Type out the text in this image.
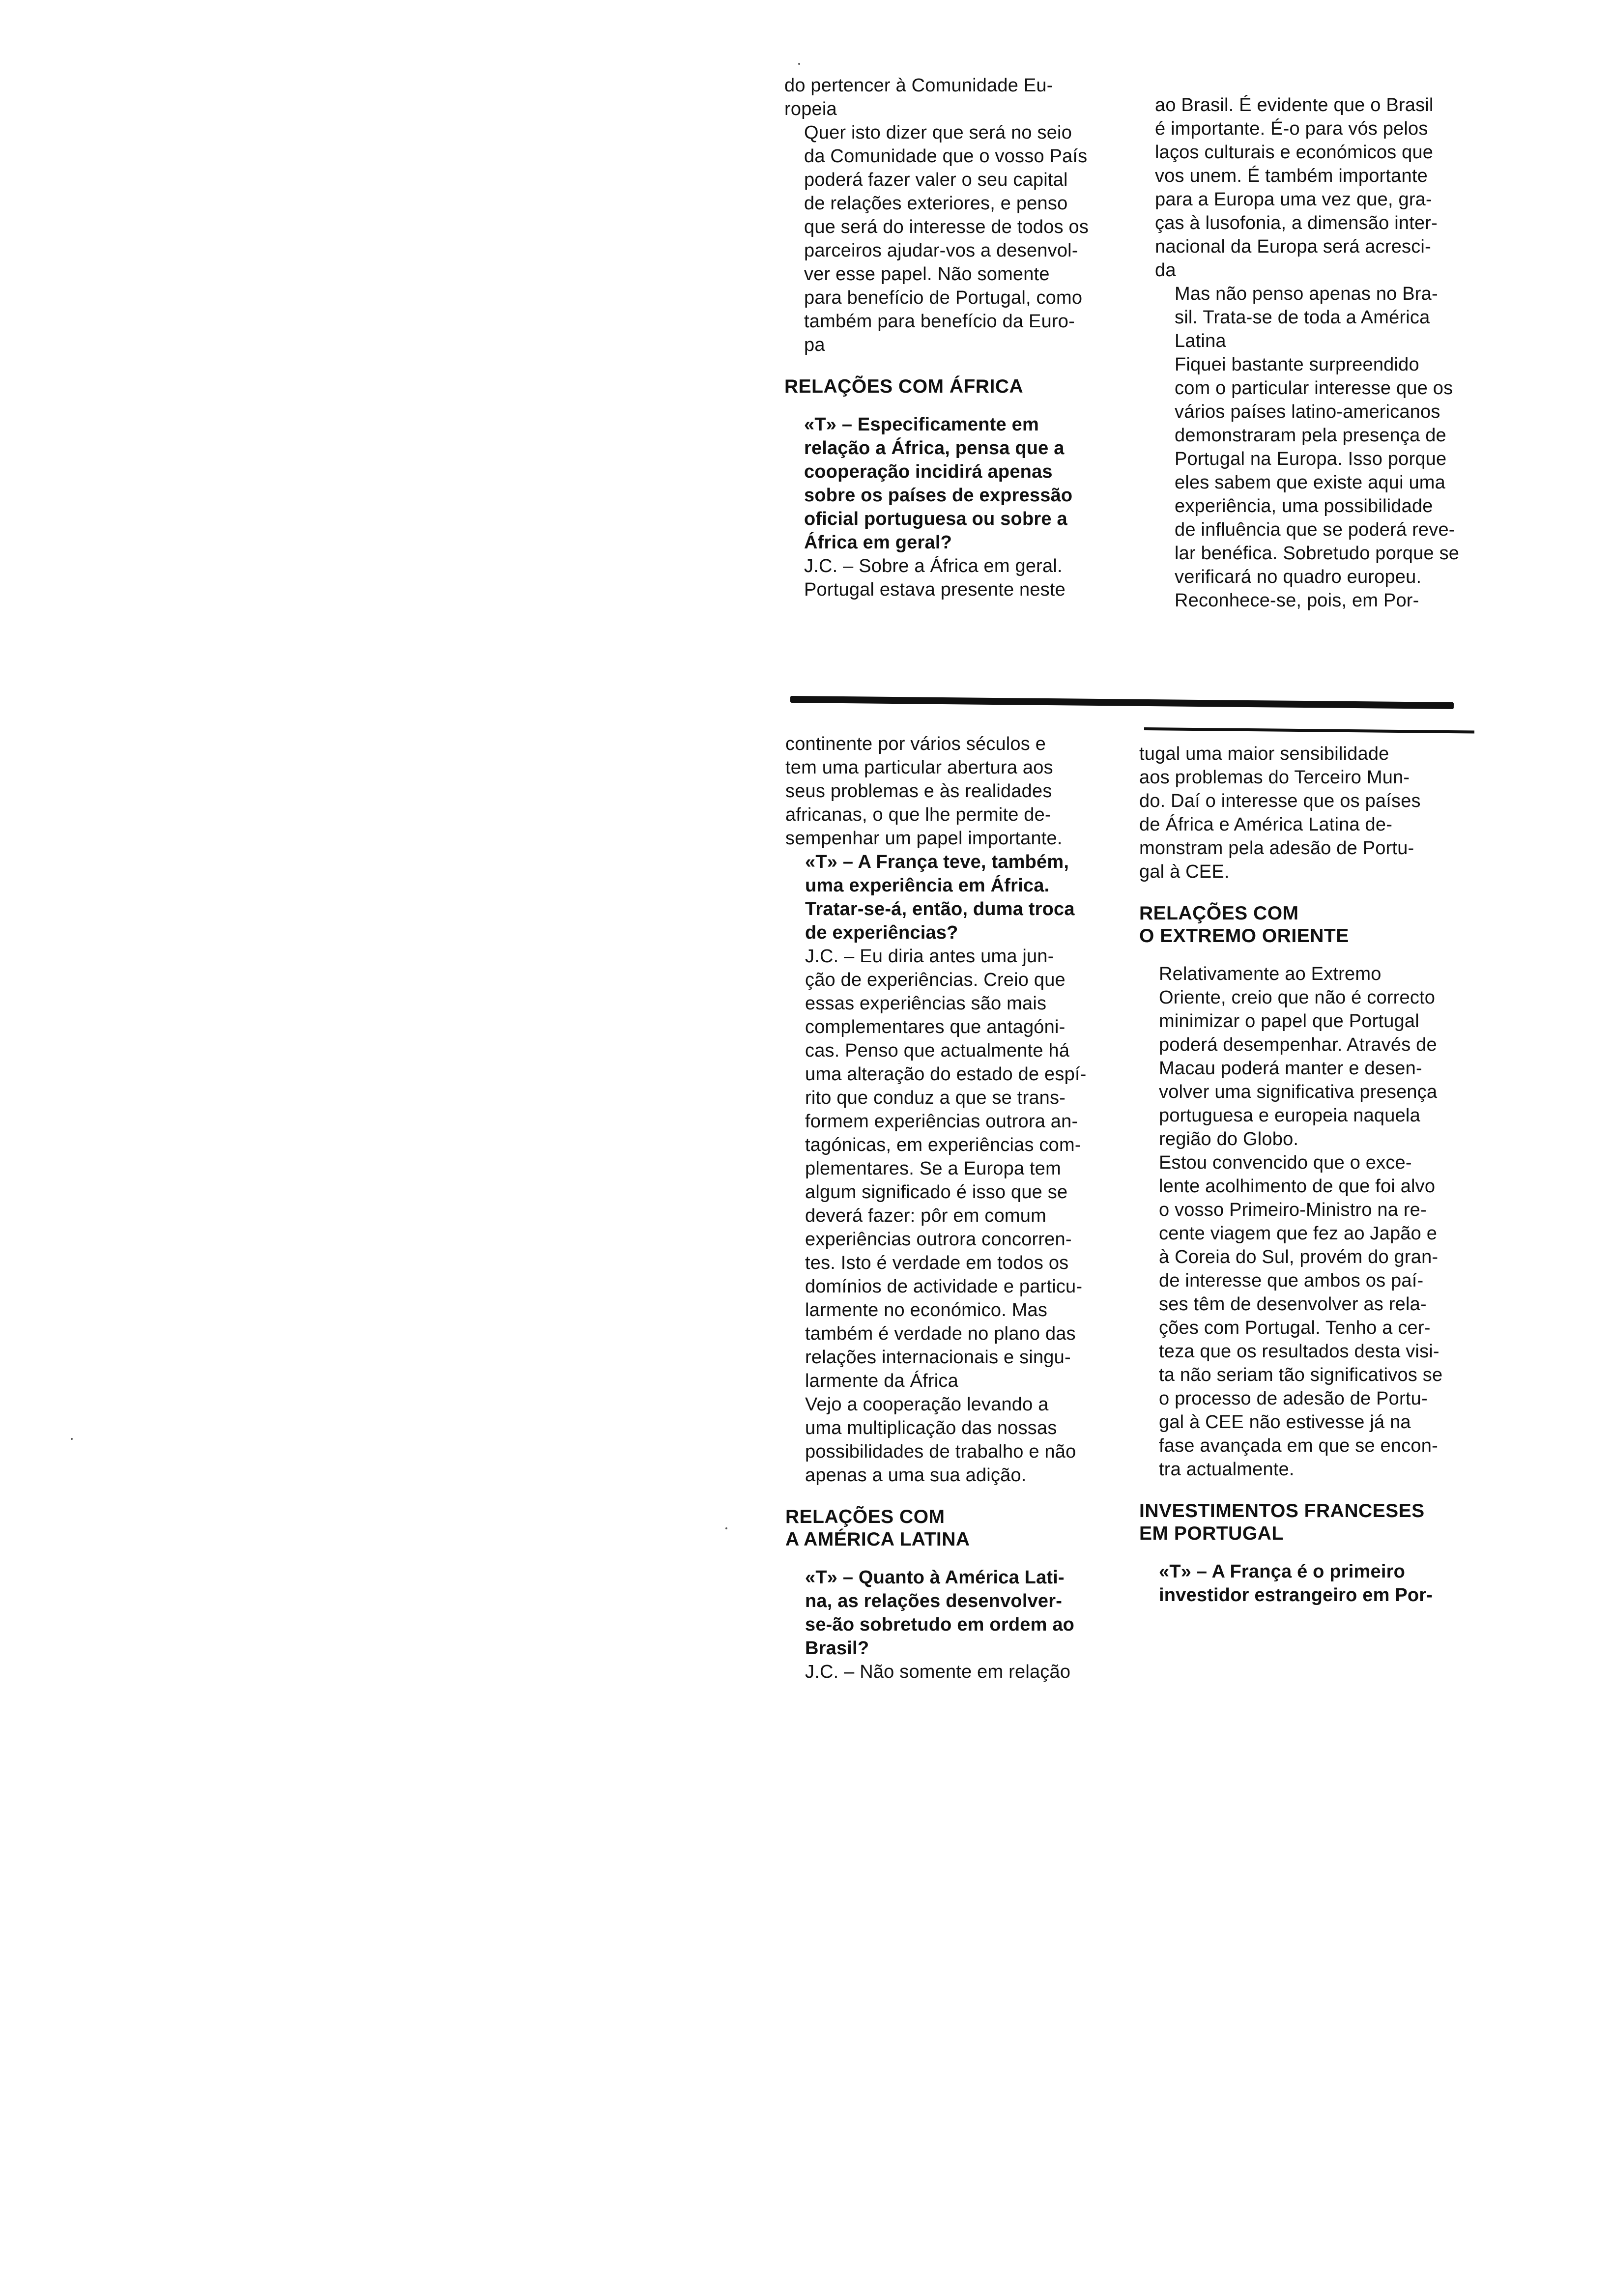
do pertencer à Comunidade Eu-
ropeia

Quer isto dizer que será no seio
da Comunidade que o vosso País
poderá fazer valer o seu capital
de relações exteriores, e penso
que será do interesse de todos os
parceiros ajudar-vos a desenvol-
ver esse papel. Não somente
para benefício de Portugal, como
também para benefício da Euro-
pa

RELAÇÕES COM ÁFRICA

«T» – Especificamente em
relação a África, pensa que a
cooperação incidirá apenas
sobre os países de expressão
oficial portuguesa ou sobre a
África em geral?

J.C. – Sobre a África em geral.
Portugal estava presente neste

ao Brasil. É evidente que o Brasil
é importante. É-o para vós pelos
laços culturais e económicos que
vos unem. É também importante
para a Europa uma vez que, gra-
ças à lusofonia, a dimensão inter-
nacional da Europa será acresci-
da

Mas não penso apenas no Bra-
sil. Trata-se de toda a América
Latina

Fiquei bastante surpreendido
com o particular interesse que os
vários países latino-americanos
demonstraram pela presença de
Portugal na Europa. Isso porque
eles sabem que existe aqui uma
experiência, uma possibilidade
de influência que se poderá reve-
lar benéfica. Sobretudo porque se
verificará no quadro europeu.

Reconhece-se, pois, em Por-

continente por vários séculos e
tem uma particular abertura aos
seus problemas e às realidades
africanas, o que lhe permite de-
sempenhar um papel importante.

«T» – A França teve, também,
uma experiência em África.
Tratar-se-á, então, duma troca
de experiências?

J.C. – Eu diria antes uma jun-
ção de experiências. Creio que
essas experiências são mais
complementares que antagóni-
cas. Penso que actualmente há
uma alteração do estado de espí-
rito que conduz a que se trans-
formem experiências outrora an-
tagónicas, em experiências com-
plementares. Se a Europa tem
algum significado é isso que se
deverá fazer: pôr em comum
experiências outrora concorren-
tes. Isto é verdade em todos os
domínios de actividade e particu-
larmente no económico. Mas
também é verdade no plano das
relações internacionais e singu-
larmente da África

Vejo a cooperação levando a
uma multiplicação das nossas
possibilidades de trabalho e não
apenas a uma sua adição.

RELAÇÕES COM
A AMÉRICA LATINA

«T» – Quanto à América Lati-
na, as relações desenvolver-
se-ão sobretudo em ordem ao
Brasil?

J.C. – Não somente em relação

tugal uma maior sensibilidade
aos problemas do Terceiro Mun-
do. Daí o interesse que os países
de África e América Latina de-
monstram pela adesão de Portu-
gal à CEE.

RELAÇÕES COM
O EXTREMO ORIENTE

Relativamente ao Extremo
Oriente, creio que não é correcto
minimizar o papel que Portugal
poderá desempenhar. Através de
Macau poderá manter e desen-
volver uma significativa presença
portuguesa e europeia naquela
região do Globo.

Estou convencido que o exce-
lente acolhimento de que foi alvo
o vosso Primeiro-Ministro na re-
cente viagem que fez ao Japão e
à Coreia do Sul, provém do gran-
de interesse que ambos os paí-
ses têm de desenvolver as rela-
ções com Portugal. Tenho a cer-
teza que os resultados desta visi-
ta não seriam tão significativos se
o processo de adesão de Portu-
gal à CEE não estivesse já na
fase avançada em que se encon-
tra actualmente.

INVESTIMENTOS FRANCESES
EM PORTUGAL

«T» – A França é o primeiro
investidor estrangeiro em Por-
